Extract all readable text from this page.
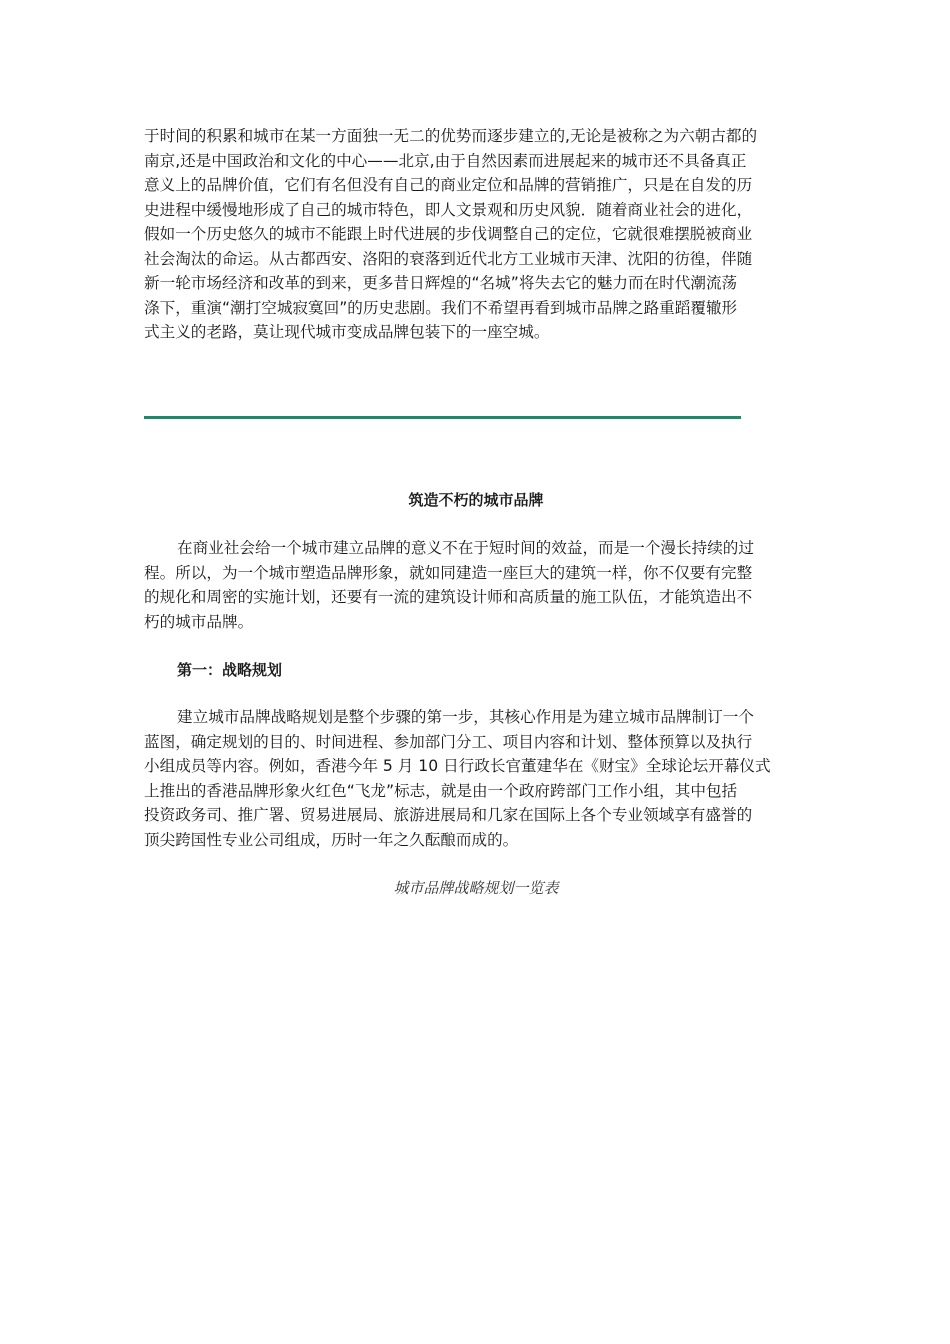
于时间的积累和城市在某一方面独一无二的优势而逐步建立的,无论是被称之为六朝古都的

南京,还是中国政治和文化的中心——北京,由于自然因素而进展起来的城市还不具备真正

意义上的品牌价值，它们有名但没有自己的商业定位和品牌的营销推广，只是在自发的历

史进程中缓慢地形成了自己的城市特色，即人文景观和历史风貌．随着商业社会的进化，

假如一个历史悠久的城市不能跟上时代进展的步伐调整自己的定位，它就很难摆脱被商业

社会淘汰的命运。从古都西安、洛阳的衰落到近代北方工业城市天津、沈阳的彷徨，伴随

新一轮市场经济和改革的到来，更多昔日辉煌的“名城”将失去它的魅力而在时代潮流荡

涤下，重演“潮打空城寂寞回”的历史悲剧。我们不希望再看到城市品牌之路重蹈覆辙形

式主义的老路，莫让现代城市变成品牌包装下的一座空城。

筑造不朽的城市品牌

在商业社会给一个城市建立品牌的意义不在于短时间的效益，而是一个漫长持续的过

程。所以，为一个城市塑造品牌形象，就如同建造一座巨大的建筑一样，你不仅要有完整

的规化和周密的实施计划，还要有一流的建筑设计师和高质量的施工队伍，才能筑造出不

朽的城市品牌。

第一：战略规划

建立城市品牌战略规划是整个步骤的第一步，其核心作用是为建立城市品牌制订一个

蓝图，确定规划的目的、时间进程、参加部门分工、项目内容和计划、整体预算以及执行

小组成员等内容。例如，香港今年 5 月 10 日行政长官董建华在《财宝》全球论坛开幕仪式

上推出的香港品牌形象火红色“飞龙”标志，就是由一个政府跨部门工作小组，其中包括

投资政务司、推广署、贸易进展局、旅游进展局和几家在国际上各个专业领域享有盛誉的

顶尖跨国性专业公司组成，历时一年之久酝酿而成的。

城市品牌战略规划一览表
